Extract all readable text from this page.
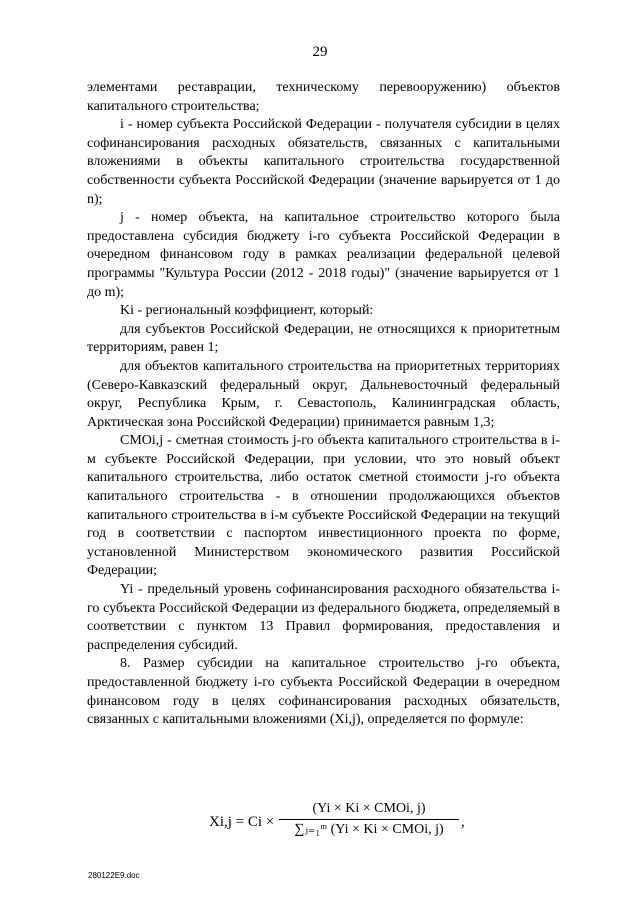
29

элементами реставрации, техническому перевооружению) объектов капитального строительства;

i - номер субъекта Российской Федерации - получателя субсидии в целях софинансирования расходных обязательств, связанных с капитальными вложениями в объекты капитального строительства государственной собственности субъекта Российской Федерации (значение варьируется от 1 до n);

j - номер объекта, на капитальное строительство которого была предоставлена субсидия бюджету i-го субъекта Российской Федерации в очередном финансовом году в рамках реализации федеральной целевой программы "Культура России (2012 - 2018 годы)" (значение варьируется от 1 до m);

Ki - региональный коэффициент, который:

для субъектов Российской Федерации, не относящихся к приоритетным территориям, равен 1;

для объектов капитального строительства на приоритетных территориях (Северо-Кавказский федеральный округ, Дальневосточный федеральный округ, Республика Крым, г. Севастополь, Калининградская область, Арктическая зона Российской Федерации) принимается равным 1,3;

СМОi,j - сметная стоимость j-го объекта капитального строительства в i-м субъекте Российской Федерации, при условии, что это новый объект капитального строительства, либо остаток сметной стоимости j-го объекта капитального строительства - в отношении продолжающихся объектов капитального строительства в i-м субъекте Российской Федерации на текущий год в соответствии с паспортом инвестиционного проекта по форме, установленной Министерством экономического развития Российской Федерации;

Yi - предельный уровень софинансирования расходного обязательства i-го субъекта Российской Федерации из федерального бюджета, определяемый в соответствии с пунктом 13 Правил формирования, предоставления и распределения субсидий.

8. Размер субсидии на капитальное строительство j-го объекта, предоставленной бюджету i-го субъекта Российской Федерации в очередном финансовом году в целях софинансирования расходных обязательств, связанных с капитальными вложениями (Xi,j), определяется по формуле:

Xi,j = Ci ×
(Yi × Ki × СМОi, j)
∑ⱼ₌₁ᵐ (Yi × Ki × СМОi, j)	,
280122E9.doc
